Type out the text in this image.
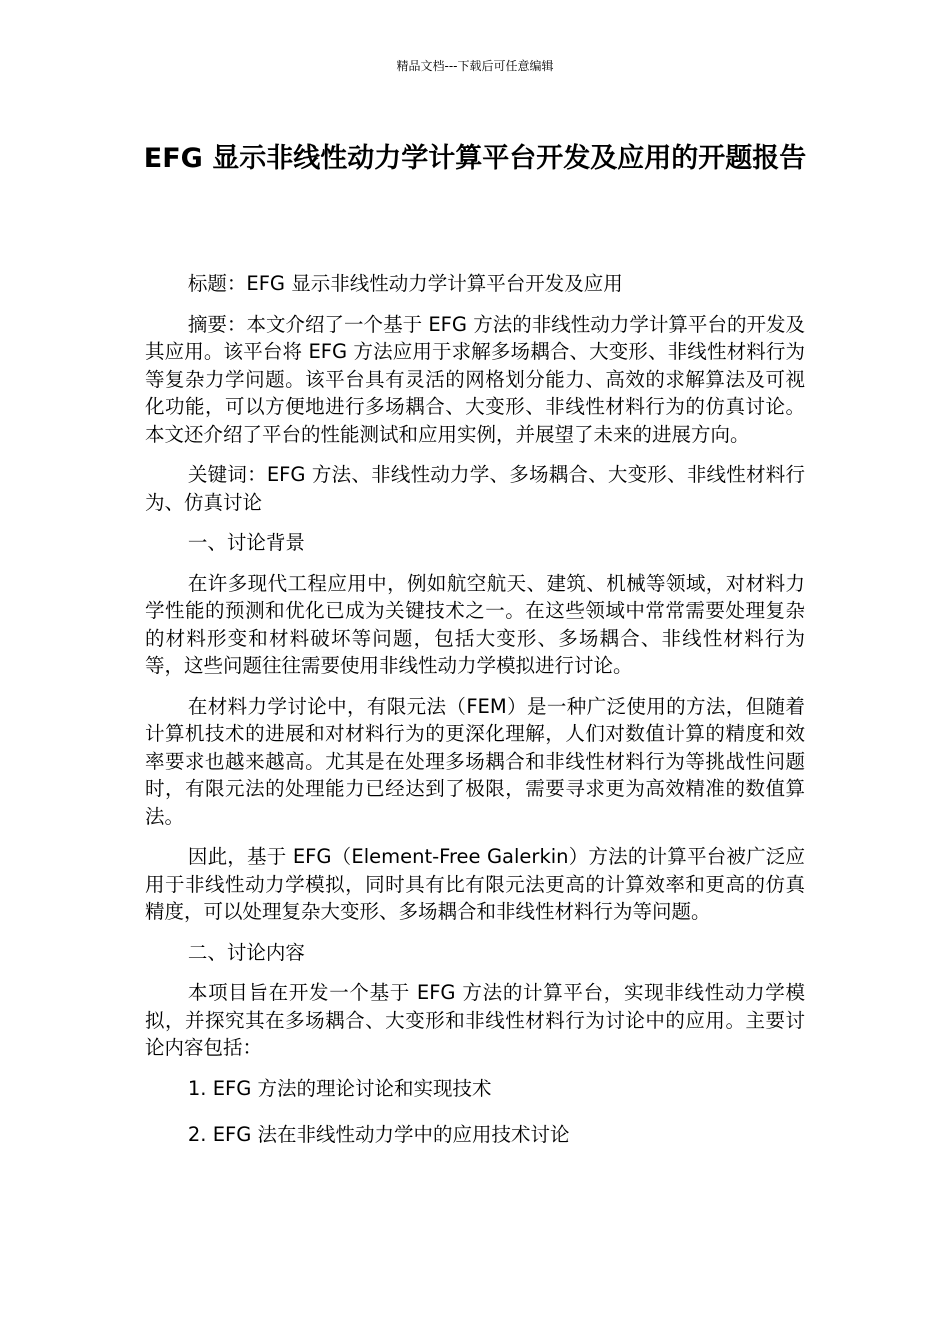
精品文档---下载后可任意编辑
EFG 显示非线性动力学计算平台开发及应用的开题报告

标题：EFG 显示非线性动力学计算平台开发及应用

摘要：本文介绍了一个基于 EFG 方法的非线性动力学计算平台的开发及其应用。该平台将 EFG 方法应用于求解多场耦合、大变形、非线性材料行为等复杂力学问题。该平台具有灵活的网格划分能力、高效的求解算法及可视化功能，可以方便地进行多场耦合、大变形、非线性材料行为的仿真讨论。本文还介绍了平台的性能测试和应用实例，并展望了未来的进展方向。

关键词：EFG 方法、非线性动力学、多场耦合、大变形、非线性材料行为、仿真讨论

一、讨论背景

在许多现代工程应用中，例如航空航天、建筑、机械等领域，对材料力学性能的预测和优化已成为关键技术之一。在这些领域中常常需要处理复杂的材料形变和材料破坏等问题，包括大变形、多场耦合、非线性材料行为等，这些问题往往需要使用非线性动力学模拟进行讨论。

在材料力学讨论中，有限元法（FEM）是一种广泛使用的方法，但随着计算机技术的进展和对材料行为的更深化理解，人们对数值计算的精度和效率要求也越来越高。尤其是在处理多场耦合和非线性材料行为等挑战性问题时，有限元法的处理能力已经达到了极限，需要寻求更为高效精准的数值算法。

因此，基于 EFG（Element-Free Galerkin）方法的计算平台被广泛应用于非线性动力学模拟，同时具有比有限元法更高的计算效率和更高的仿真精度，可以处理复杂大变形、多场耦合和非线性材料行为等问题。

二、讨论内容

本项目旨在开发一个基于 EFG 方法的计算平台，实现非线性动力学模拟，并探究其在多场耦合、大变形和非线性材料行为讨论中的应用。主要讨论内容包括：

1. EFG 方法的理论讨论和实现技术

2. EFG 法在非线性动力学中的应用技术讨论
